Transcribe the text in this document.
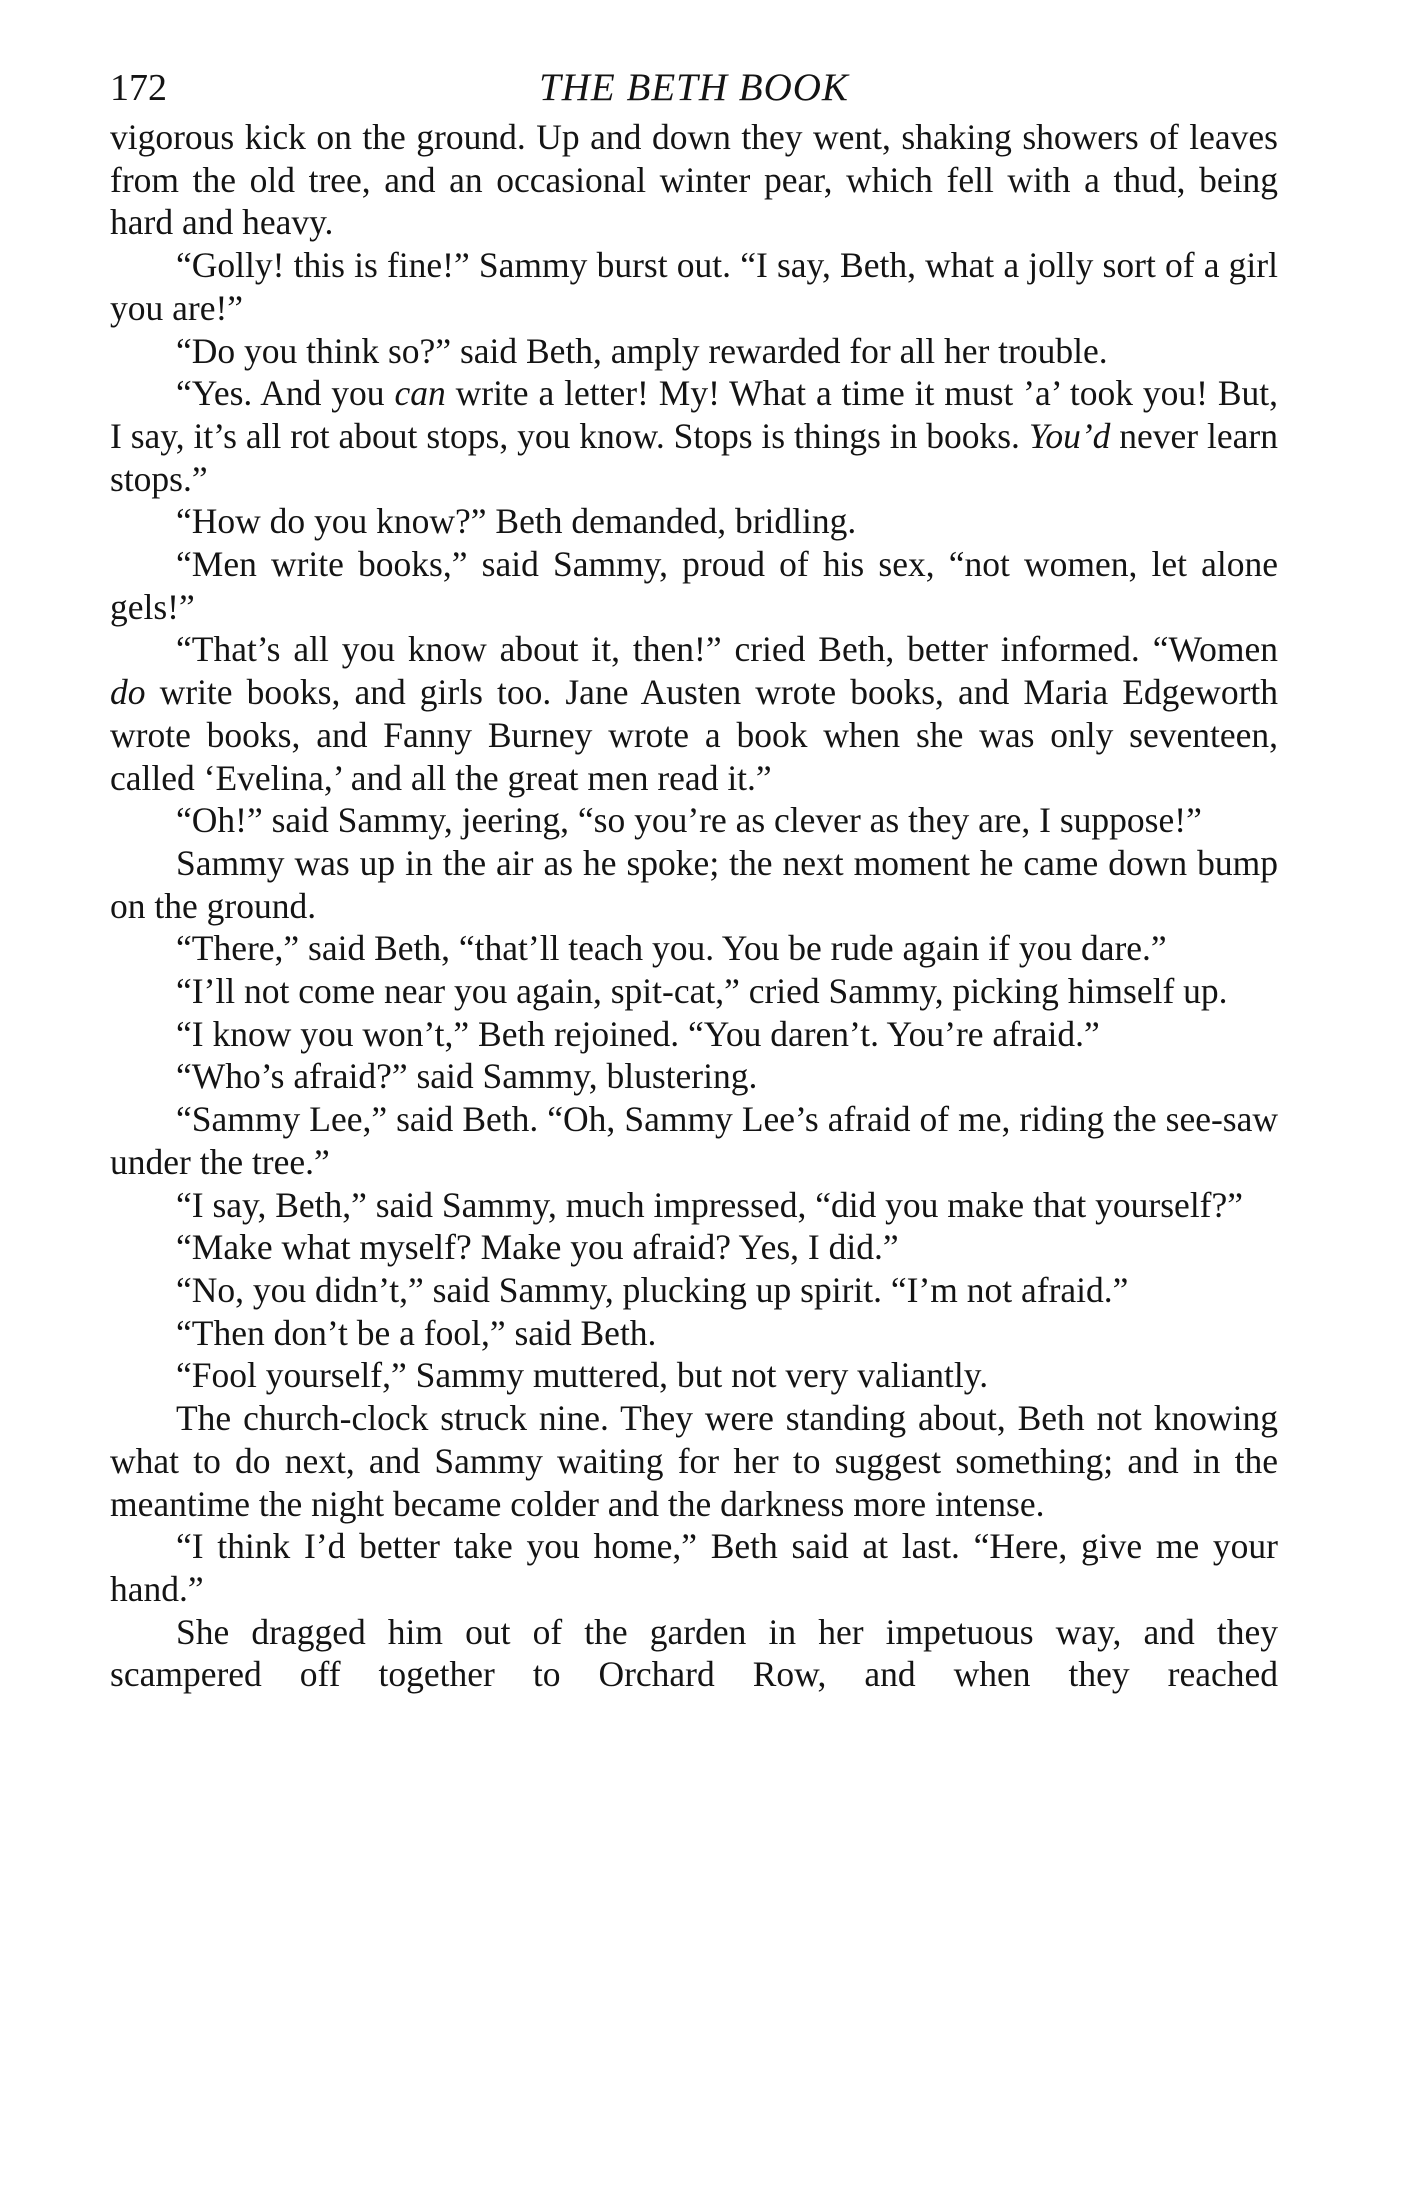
172	THE BETH BOOK

vigorous kick on the ground. Up and down they went, shaking showers of leaves from the old tree, and an occasional winter pear, which fell with a thud, being hard and heavy.

“Golly! this is fine!” Sammy burst out. “I say, Beth, what a jolly sort of a girl you are!”

“Do you think so?” said Beth, amply rewarded for all her trouble.

“Yes. And you can write a letter! My! What a time it must ’a’ took you! But, I say, it’s all rot about stops, you know. Stops is things in books. You’d never learn stops.”

“How do you know?” Beth demanded, bridling.

“Men write books,” said Sammy, proud of his sex, “not women, let alone gels!”

“That’s all you know about it, then!” cried Beth, better informed. “Women do write books, and girls too. Jane Austen wrote books, and Maria Edgeworth wrote books, and Fanny Burney wrote a book when she was only seventeen, called ‘Evelina,’ and all the great men read it.”

“Oh!” said Sammy, jeering, “so you’re as clever as they are, I suppose!”

Sammy was up in the air as he spoke; the next moment he came down bump on the ground.

“There,” said Beth, “that’ll teach you. You be rude again if you dare.”

“I’ll not come near you again, spit-cat,” cried Sammy, picking himself up.

“I know you won’t,” Beth rejoined. “You daren’t. You’re afraid.”

“Who’s afraid?” said Sammy, blustering.

“Sammy Lee,” said Beth. “Oh, Sammy Lee’s afraid of me, riding the see-saw under the tree.”

“I say, Beth,” said Sammy, much impressed, “did you make that yourself?”

“Make what myself? Make you afraid? Yes, I did.”

“No, you didn’t,” said Sammy, plucking up spirit. “I’m not afraid.”

“Then don’t be a fool,” said Beth.

“Fool yourself,” Sammy muttered, but not very valiantly.

The church-clock struck nine. They were standing about, Beth not knowing what to do next, and Sammy waiting for her to suggest something; and in the meantime the night became colder and the darkness more intense.

“I think I’d better take you home,” Beth said at last. “Here, give me your hand.”

She dragged him out of the garden in her impetuous way, and they scampered off together to Orchard Row, and when they reached
